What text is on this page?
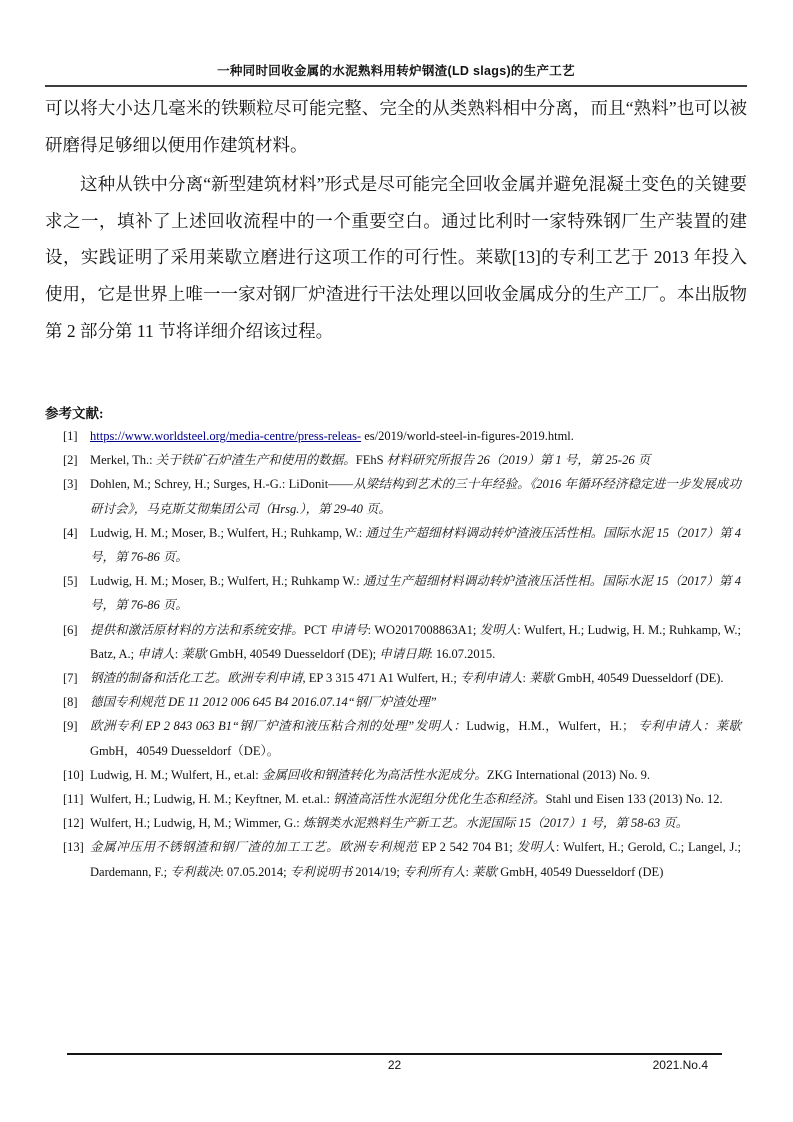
一种同时回收金属的水泥熟料用转炉钢渣(LD slags)的生产工艺

可以将大小达几毫米的铁颗粒尽可能完整、完全的从类熟料相中分离，而且“熟料”也可以被研磨得足够细以便用作建筑材料。

这种从铁中分离“新型建筑材料”形式是尽可能完全回收金属并避免混凝土变色的关键要求之一，填补了上述回收流程中的一个重要空白。通过比利时一家特殊钢厂生产装置的建设，实践证明了采用莱歇立磨进行这项工作的可行性。莱歇[13]的专利工艺于 2013 年投入使用，它是世界上唯一一家对钢厂炉渣进行干法处理以回收金属成分的生产工厂。本出版物第 2 部分第 11 节将详细介绍该过程。

参考文献:
[1] https://www.worldsteel.org/media-centre/press-releas- es/2019/world-steel-in-figures-2019.html.
[2] Merkel, Th.: 关于铁矿石炉渣生产和使用的数据。FEhS 材料研究所报告 26（2019）第 1 号，第 25-26 页
[3] Dohlen, M.; Schrey, H.; Surges, H.-G.: LiDonit——从梁结构到艺术的三十年经验。《2016 年循环经济稳定进一步发展成功研讨会》，马克斯艾彻集团公司（Hrsg.），第 29-40 页。
[4] Ludwig, H. M.; Moser, B.; Wulfert, H.; Ruhkamp, W.: 通过生产超细材料调动转炉渣液压活性相。国际水泥 15（2017）第 4 号，第 76-86 页。
[5] Ludwig, H. M.; Moser, B.; Wulfert, H.; Ruhkamp W.: 通过生产超细材料调动转炉渣液压活性相。国际水泥 15（2017）第 4 号，第 76-86 页。
[6] 提供和激活原材料的方法和系统安排。PCT 申请号: WO2017008863A1; 发明人: Wulfert, H.; Ludwig, H. M.; Ruhkamp, W.; Batz, A.; 申请人: 莱歇 GmbH, 40549 Duesseldorf (DE); 申请日期: 16.07.2015.
[7] 钢渣的制备和活化工艺。欧洲专利申请, EP 3 315 471 A1 Wulfert, H.; 专利申请人: 莱歇 GmbH, 40549 Duesseldorf (DE).
[8] 德国专利规范 DE 11 2012 006 645 B4 2016.07.14“钢厂炉渣处理”
[9] 欧洲专利 EP 2 843 063 B1“钢厂炉渣和液压粘合剂的处理”发明人：Ludwig，H.M.，Wulfert，H.； 专利申请人：莱歇 GmbH，40549 Duesseldorf（DE）。
[10] Ludwig, H. M.; Wulfert, H., et.al: 金属回收和钢渣转化为高活性水泥成分。ZKG International (2013) No. 9.
[11] Wulfert, H.; Ludwig, H. M.; Keyftner, M. et.al.: 钢渣高活性水泥组分优化生态和经济。Stahl und Eisen 133 (2013) No. 12.
[12] Wulfert, H.; Ludwig, H, M.; Wimmer, G.: 炼钢类水泥熟料生产新工艺。水泥国际 15（2017）1 号，第 58-63 页。
[13] 金属冲压用不锈钢渣和钢厂渣的加工工艺。欧洲专利规范 EP 2 542 704 B1; 发明人: Wulfert, H.; Gerold, C.; Langel, J.; Dardemann, F.; 专利裁决: 07.05.2014; 专利说明书 2014/19; 专利所有人: 莱歇 GmbH, 40549 Duesseldorf (DE)
22	2021.No.4
